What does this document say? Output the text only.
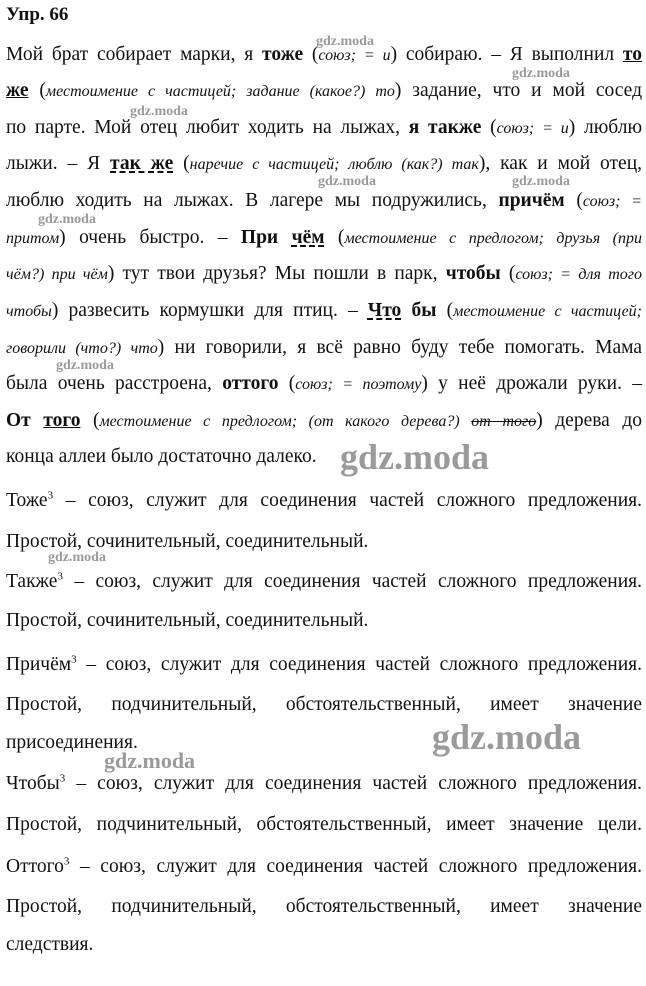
Упр. 66
Мой брат собирает марки, я тоже (союз; = и) собираю. – Я выполнил то
же (местоимение с частицей; задание (какое?) то) задание, что и мой сосед
по парте. Мой отец любит ходить на лыжах, я также (союз; = и) люблю
лыжи. – Я так же (наречие с частицей; люблю (как?) так), как и мой отец,
люблю ходить на лыжах. В лагере мы подружились, причём (союз; =
притом) очень быстро. – При чём (местоимение с предлогом; друзья (при
чём?) при чём) тут твои друзья? Мы пошли в парк, чтобы (союз; = для того
чтобы) развесить кормушки для птиц. – Что бы (местоимение с частицей;
говорили (что?) что) ни говорили, я всё равно буду тебе помогать. Мама
была очень расстроена, оттого (союз; = поэтому) у неё дрожали руки. –
От того (местоимение с предлогом; (от какого дерева?) от того) дерева до
конца аллеи было достаточно далеко.
Тоже$^3$ – союз, служит для соединения частей сложного предложения.
Простой, сочинительный, соединительный.
Также$^3$ – союз, служит для соединения частей сложного предложения.
Простой, сочинительный, соединительный.
Причём$^3$ – союз, служит для соединения частей сложного предложения.
Простой, подчинительный, обстоятельственный, имеет значение
присоединения.
Чтобы$^3$ – союз, служит для соединения частей сложного предложения.
Простой, подчинительный, обстоятельственный, имеет значение цели.
Оттого$^3$ – союз, служит для соединения частей сложного предложения.
Простой, подчинительный, обстоятельственный, имеет значение
следствия.
gdz.moda
gdz.moda
gdz.moda
gdz.moda	gdz.moda
gdz.moda
gdz.moda
gdz.moda
gdz.moda
gdz.moda
gdz.moda
